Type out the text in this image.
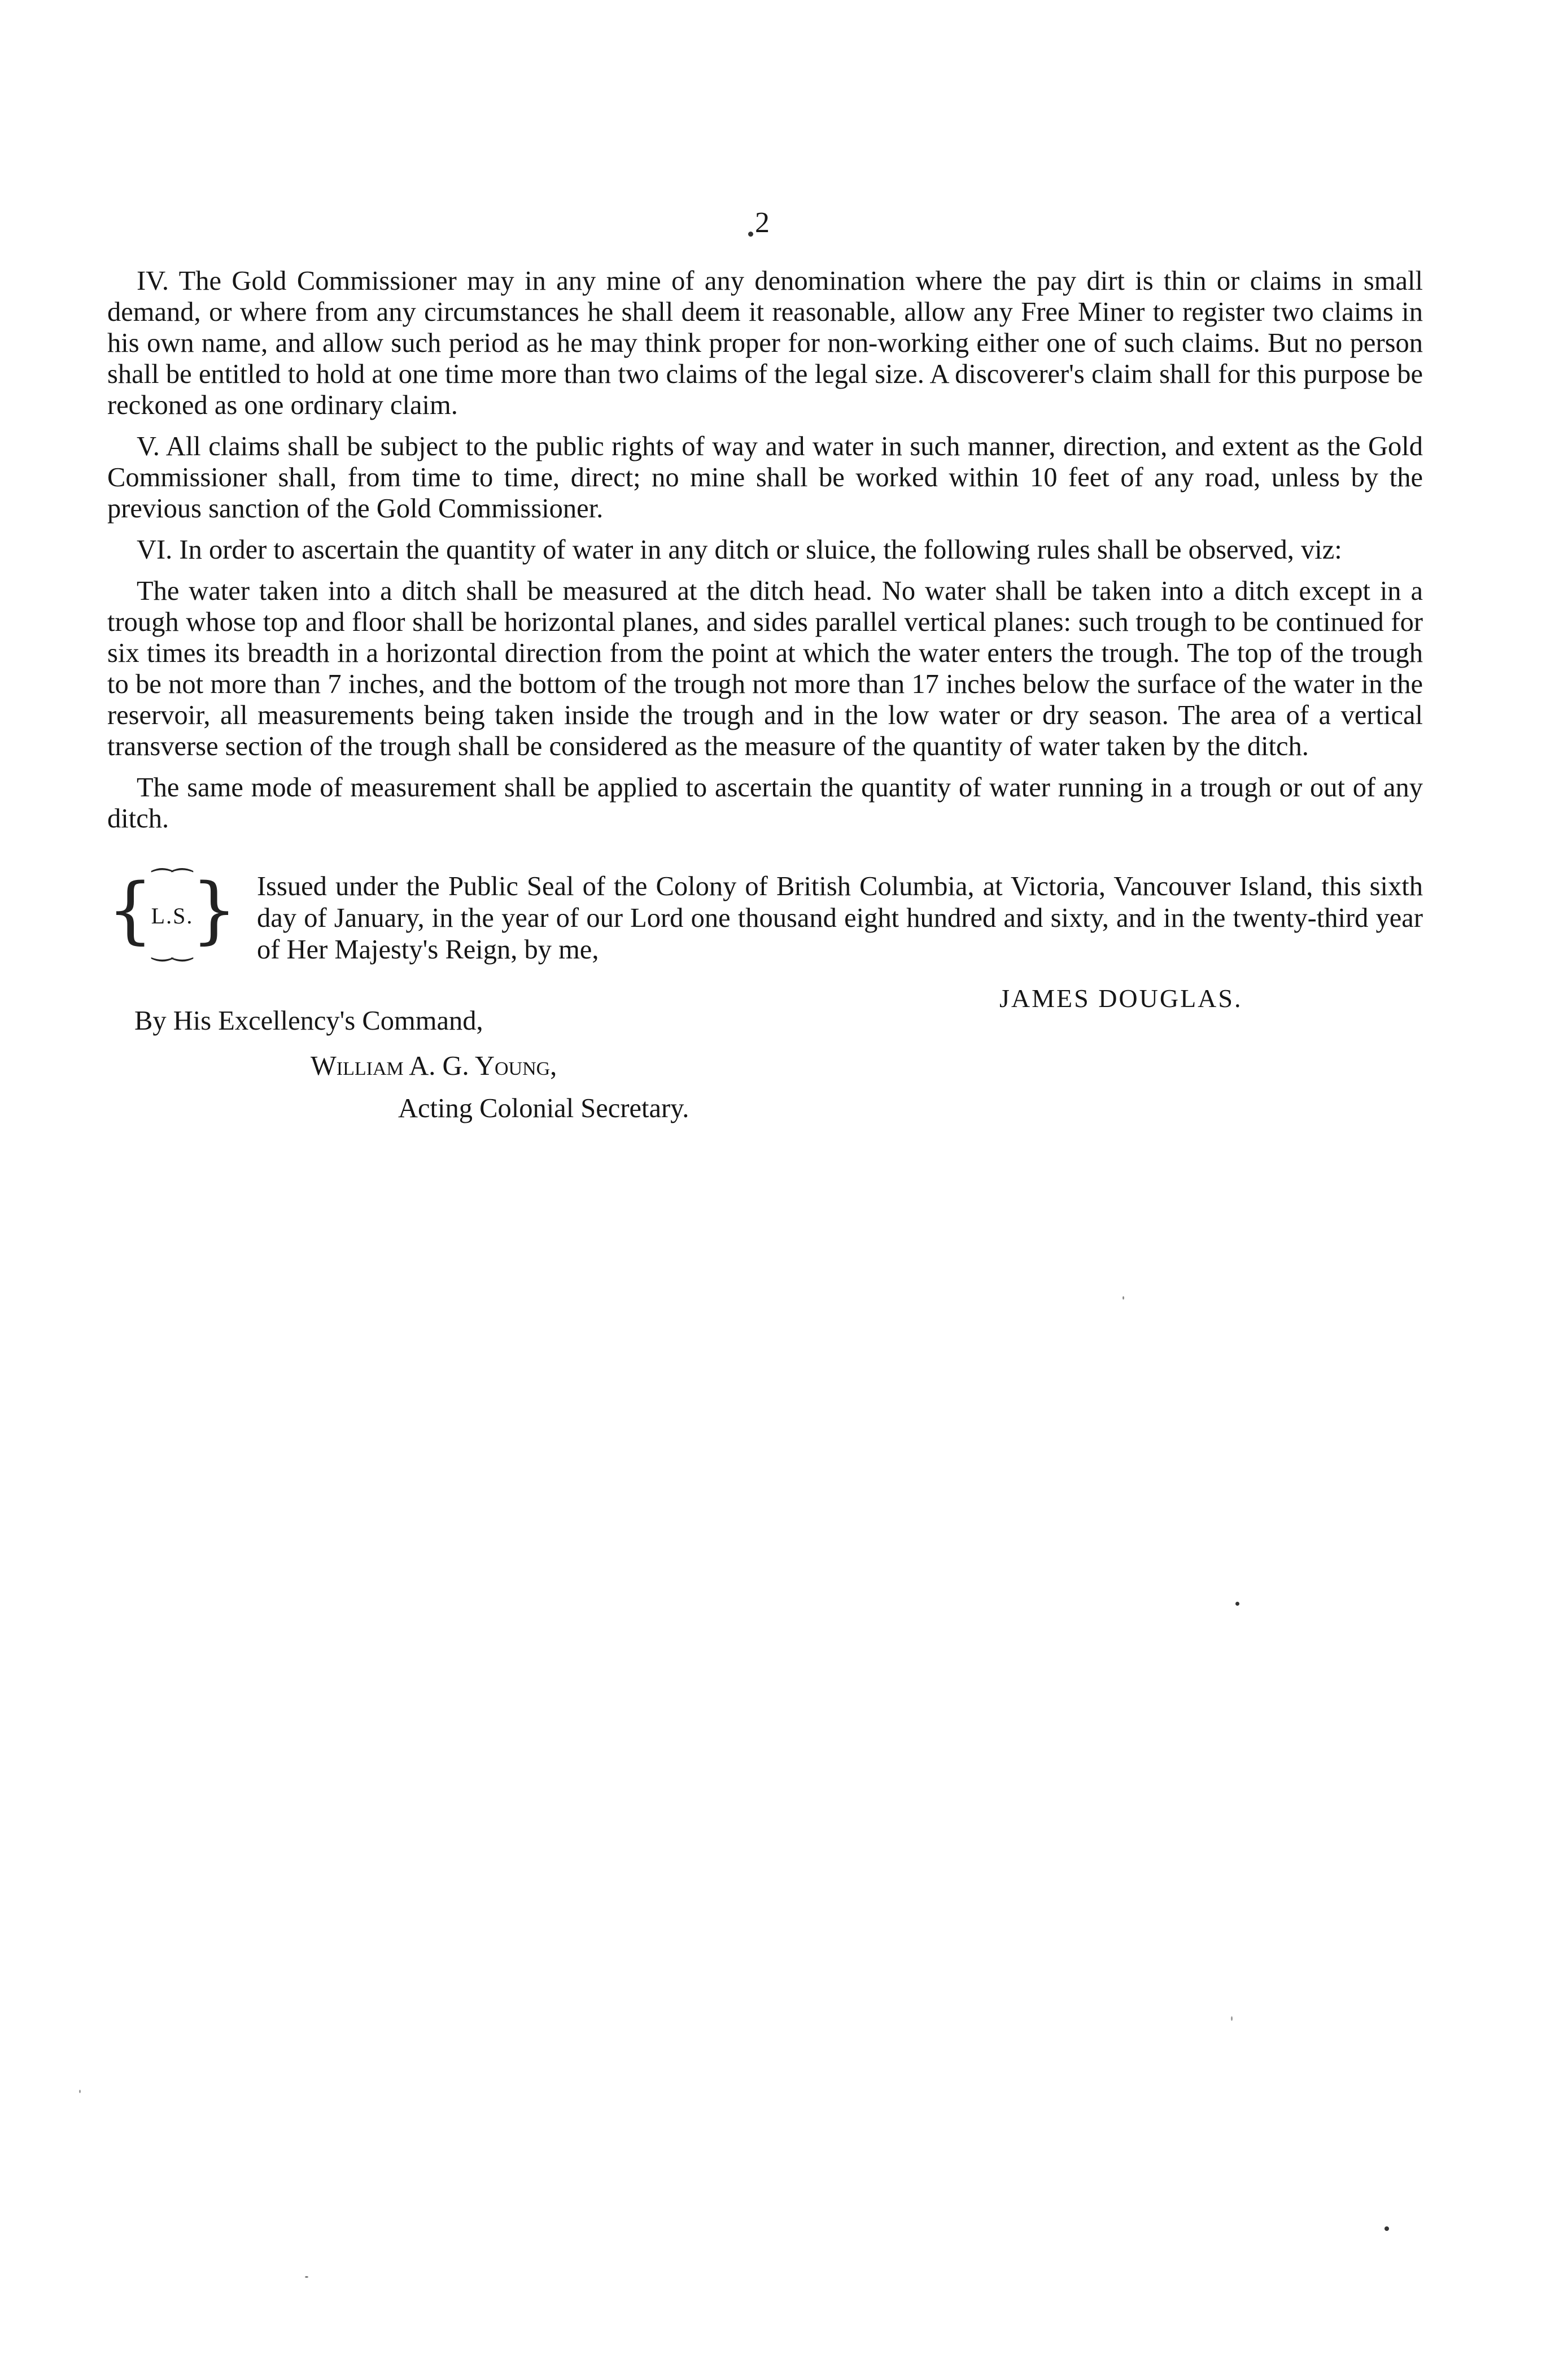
2

IV. The Gold Commissioner may in any mine of any denomination where the pay dirt is thin or claims in small demand, or where from any circumstances he shall deem it reasonable, allow any Free Miner to register two claims in his own name, and allow such period as he may think proper for non-working either one of such claims. But no person shall be entitled to hold at one time more than two claims of the legal size. A discoverer's claim shall for this purpose be reckoned as one ordinary claim.

V. All claims shall be subject to the public rights of way and water in such manner, direction, and extent as the Gold Commissioner shall, from time to time, direct; no mine shall be worked within 10 feet of any road, unless by the previous sanction of the Gold Commissioner.

VI. In order to ascertain the quantity of water in any ditch or sluice, the following rules shall be observed, viz:

The water taken into a ditch shall be measured at the ditch head. No water shall be taken into a ditch except in a trough whose top and floor shall be horizontal planes, and sides parallel vertical planes: such trough to be continued for six times its breadth in a horizontal direction from the point at which the water enters the trough. The top of the trough to be not more than 7 inches, and the bottom of the trough not more than 17 inches below the surface of the water in the reservoir, all measurements being taken inside the trough and in the low water or dry season. The area of a vertical transverse section of the trough shall be considered as the measure of the quantity of water taken by the ditch.

The same mode of measurement shall be applied to ascertain the quantity of water running in a trough or out of any ditch.

{
⁀⁀
L.S.
‿‿
} Issued under the Public Seal of the Colony of British Columbia, at Victoria, Vancouver Island, this sixth day of January, in the year of our Lord one thousand eight hundred and sixty, and in the twenty-third year of Her Majesty's Reign, by me,
JAMES DOUGLAS.
By His Excellency's Command,
William A. G. Young,
Acting Colonial Secretary.
